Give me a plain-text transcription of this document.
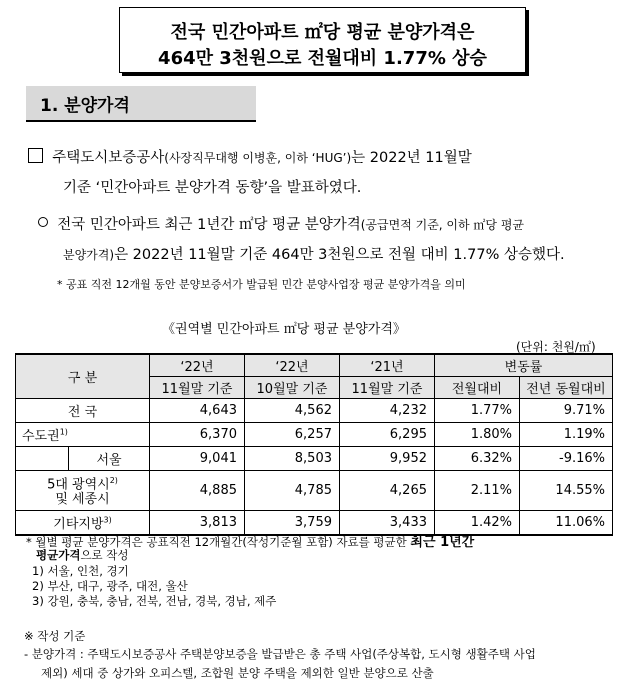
전국 민간아파트 ㎡당 평균 분양가격은
464만 3천원으로 전월대비 1.77% 상승
1. 분양가격
주택도시보증공사(사장직무대행 이병훈, 이하 ‘HUG’)는 2022년 11월말
기준 ‘민간아파트 분양가격 동향’을 발표하였다.
전국 민간아파트 최근 1년간 ㎡당 평균 분양가격(공급면적 기준, 이하 ㎡당 평균
분양가격)은 2022년 11월말 기준 464만 3천원으로 전월 대비 1.77% 상승했다.
* 공표 직전 12개월 동안 분양보증서가 발급된 민간 분양사업장 평균 분양가격을 의미
《권역별 민간아파트 ㎡당 평균 분양가격》
(단위: 천원/㎡)
구 분		‘22년	‘22년	‘21년	변동률	
		11월말 기준	10월말 기준	11월말 기준	전월대비	전년 동월대비
전 국		4,643	4,562	4,232	1.77%	9.71%
수도권$^{1)}$		6,370	6,257	6,295	1.80%	1.19%
	서울	9,041	8,503	9,952	6.32%	-9.16%
5대 광역시$^{2)}$
및 세종시		4,885	4,785	4,265	2.11%	14.55%
기타지방$^{3)}$		3,813	3,759	3,433	1.42%	11.06%
* 월별 평균 분양가격은 공표직전 12개월간(작성기준월 포함) 자료를 평균한 최근 1년간
평균가격으로 작성
1) 서울, 인천, 경기
2) 부산, 대구, 광주, 대전, 울산
3) 강원, 충북, 충남, 전북, 전남, 경북, 경남, 제주
※ 작성 기준
- 분양가격 : 주택도시보증공사 주택분양보증을 발급받은 총 주택 사업(주상복합, 도시형 생활주택 사업
제외) 세대 중 상가와 오피스텔, 조합원 분양 주택을 제외한 일반 분양으로 산출
